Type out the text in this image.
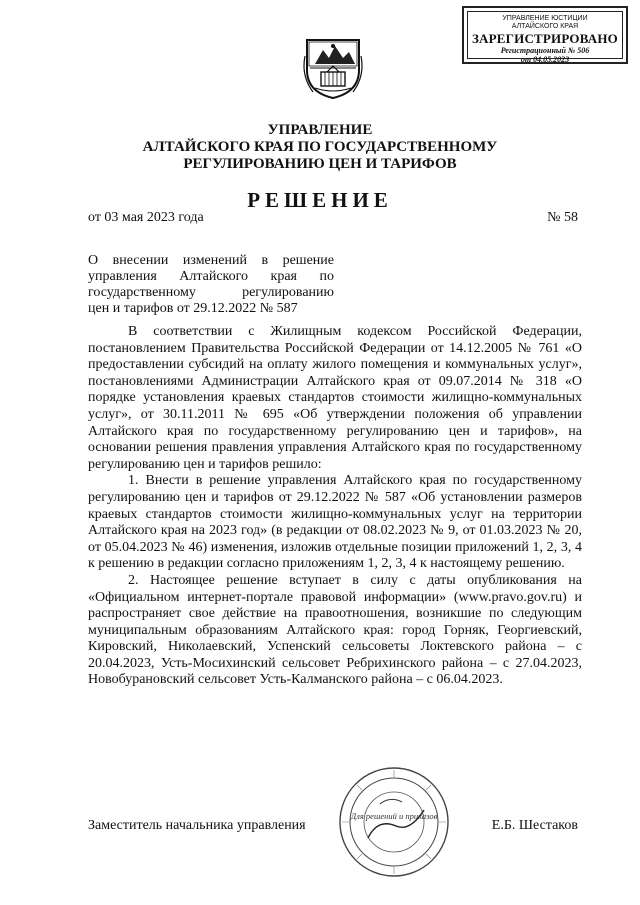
УПРАВЛЕНИЕ ЮСТИЦИИ
АЛТАЙСКОГО КРАЯ
ЗАРЕГИСТРИРОВАНО
Регистрационный № 506
от 04.05.2023
УПРАВЛЕНИЕ
АЛТАЙСКОГО КРАЯ ПО ГОСУДАРСТВЕННОМУ
РЕГУЛИРОВАНИЮ ЦЕН И ТАРИФОВ
РЕШЕНИЕ
от 03 мая 2023 года	№ 58
О внесении изменений в решение
управления Алтайского края по
государственному регулированию
цен и тарифов от 29.12.2022 № 587

В соответствии с Жилищным кодексом Российской Федерации, постановлением Правительства Российской Федерации от 14.12.2005 № 761 «О предоставлении субсидий на оплату жилого помещения и коммунальных услуг», постановлениями Администрации Алтайского края от 09.07.2014 № 318 «О порядке установления краевых стандартов стоимости жилищно-коммунальных услуг», от 30.11.2011 № 695 «Об утверждении положения об управлении Алтайского края по государственному регулированию цен и тарифов», на основании решения правления управления Алтайского края по государственному регулированию цен и тарифов решило:

1. Внести в решение управления Алтайского края по государственному регулированию цен и тарифов от 29.12.2022 № 587 «Об установлении размеров краевых стандартов стоимости жилищно-коммунальных услуг на территории Алтайского края на 2023 год» (в редакции от 08.02.2023 № 9, от 01.03.2023 № 20, от 05.04.2023 № 46) изменения, изложив отдельные позиции приложений 1, 2, 3, 4 к решению в редакции согласно приложениям 1, 2, 3, 4 к настоящему решению.

2. Настоящее решение вступает в силу с даты опубликования на «Официальном интернет-портале правовой информации» (www.pravo.gov.ru) и распространяет свое действие на правоотношения, возникшие по следующим муниципальным образованиям Алтайского края: город Горняк, Георгиевский, Кировский, Николаевский, Успенский сельсоветы Локтевского района – с 20.04.2023, Усть-Мосихинский сельсовет Ребрихинского района – с 27.04.2023, Новобурановский сельсовет Усть-Калманского района – с 06.04.2023.

Заместитель начальника управления	Е.Б. Шестаков
Для решений и приказов
